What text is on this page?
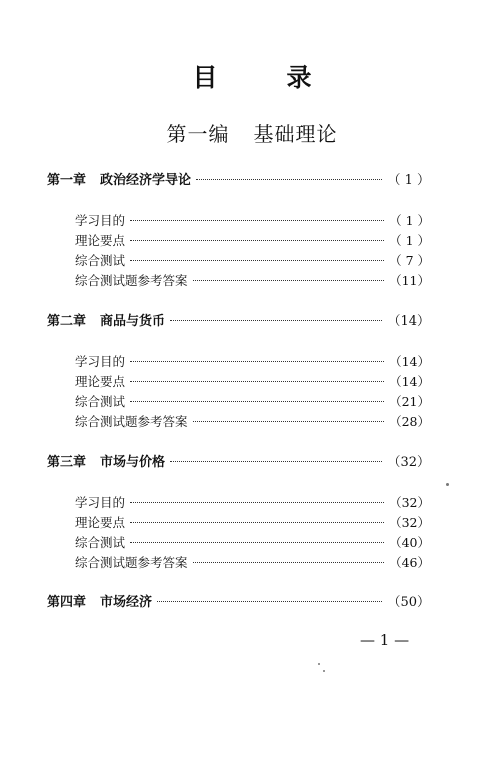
目　录
第一编 基础理论
第一章 政治经济学导论	（ 1 ）
学习目的	（ 1 ）
理论要点	（ 1 ）
综合测试	（ 7 ）
综合测试题参考答案	（11）
第二章 商品与货币	（14）
学习目的	（14）
理论要点	（14）
综合测试	（21）
综合测试题参考答案	（28）
第三章 市场与价格	（32）
学习目的	（32）
理论要点	（32）
综合测试	（40）
综合测试题参考答案	（46）
第四章 市场经济	（50）
— 1 —
